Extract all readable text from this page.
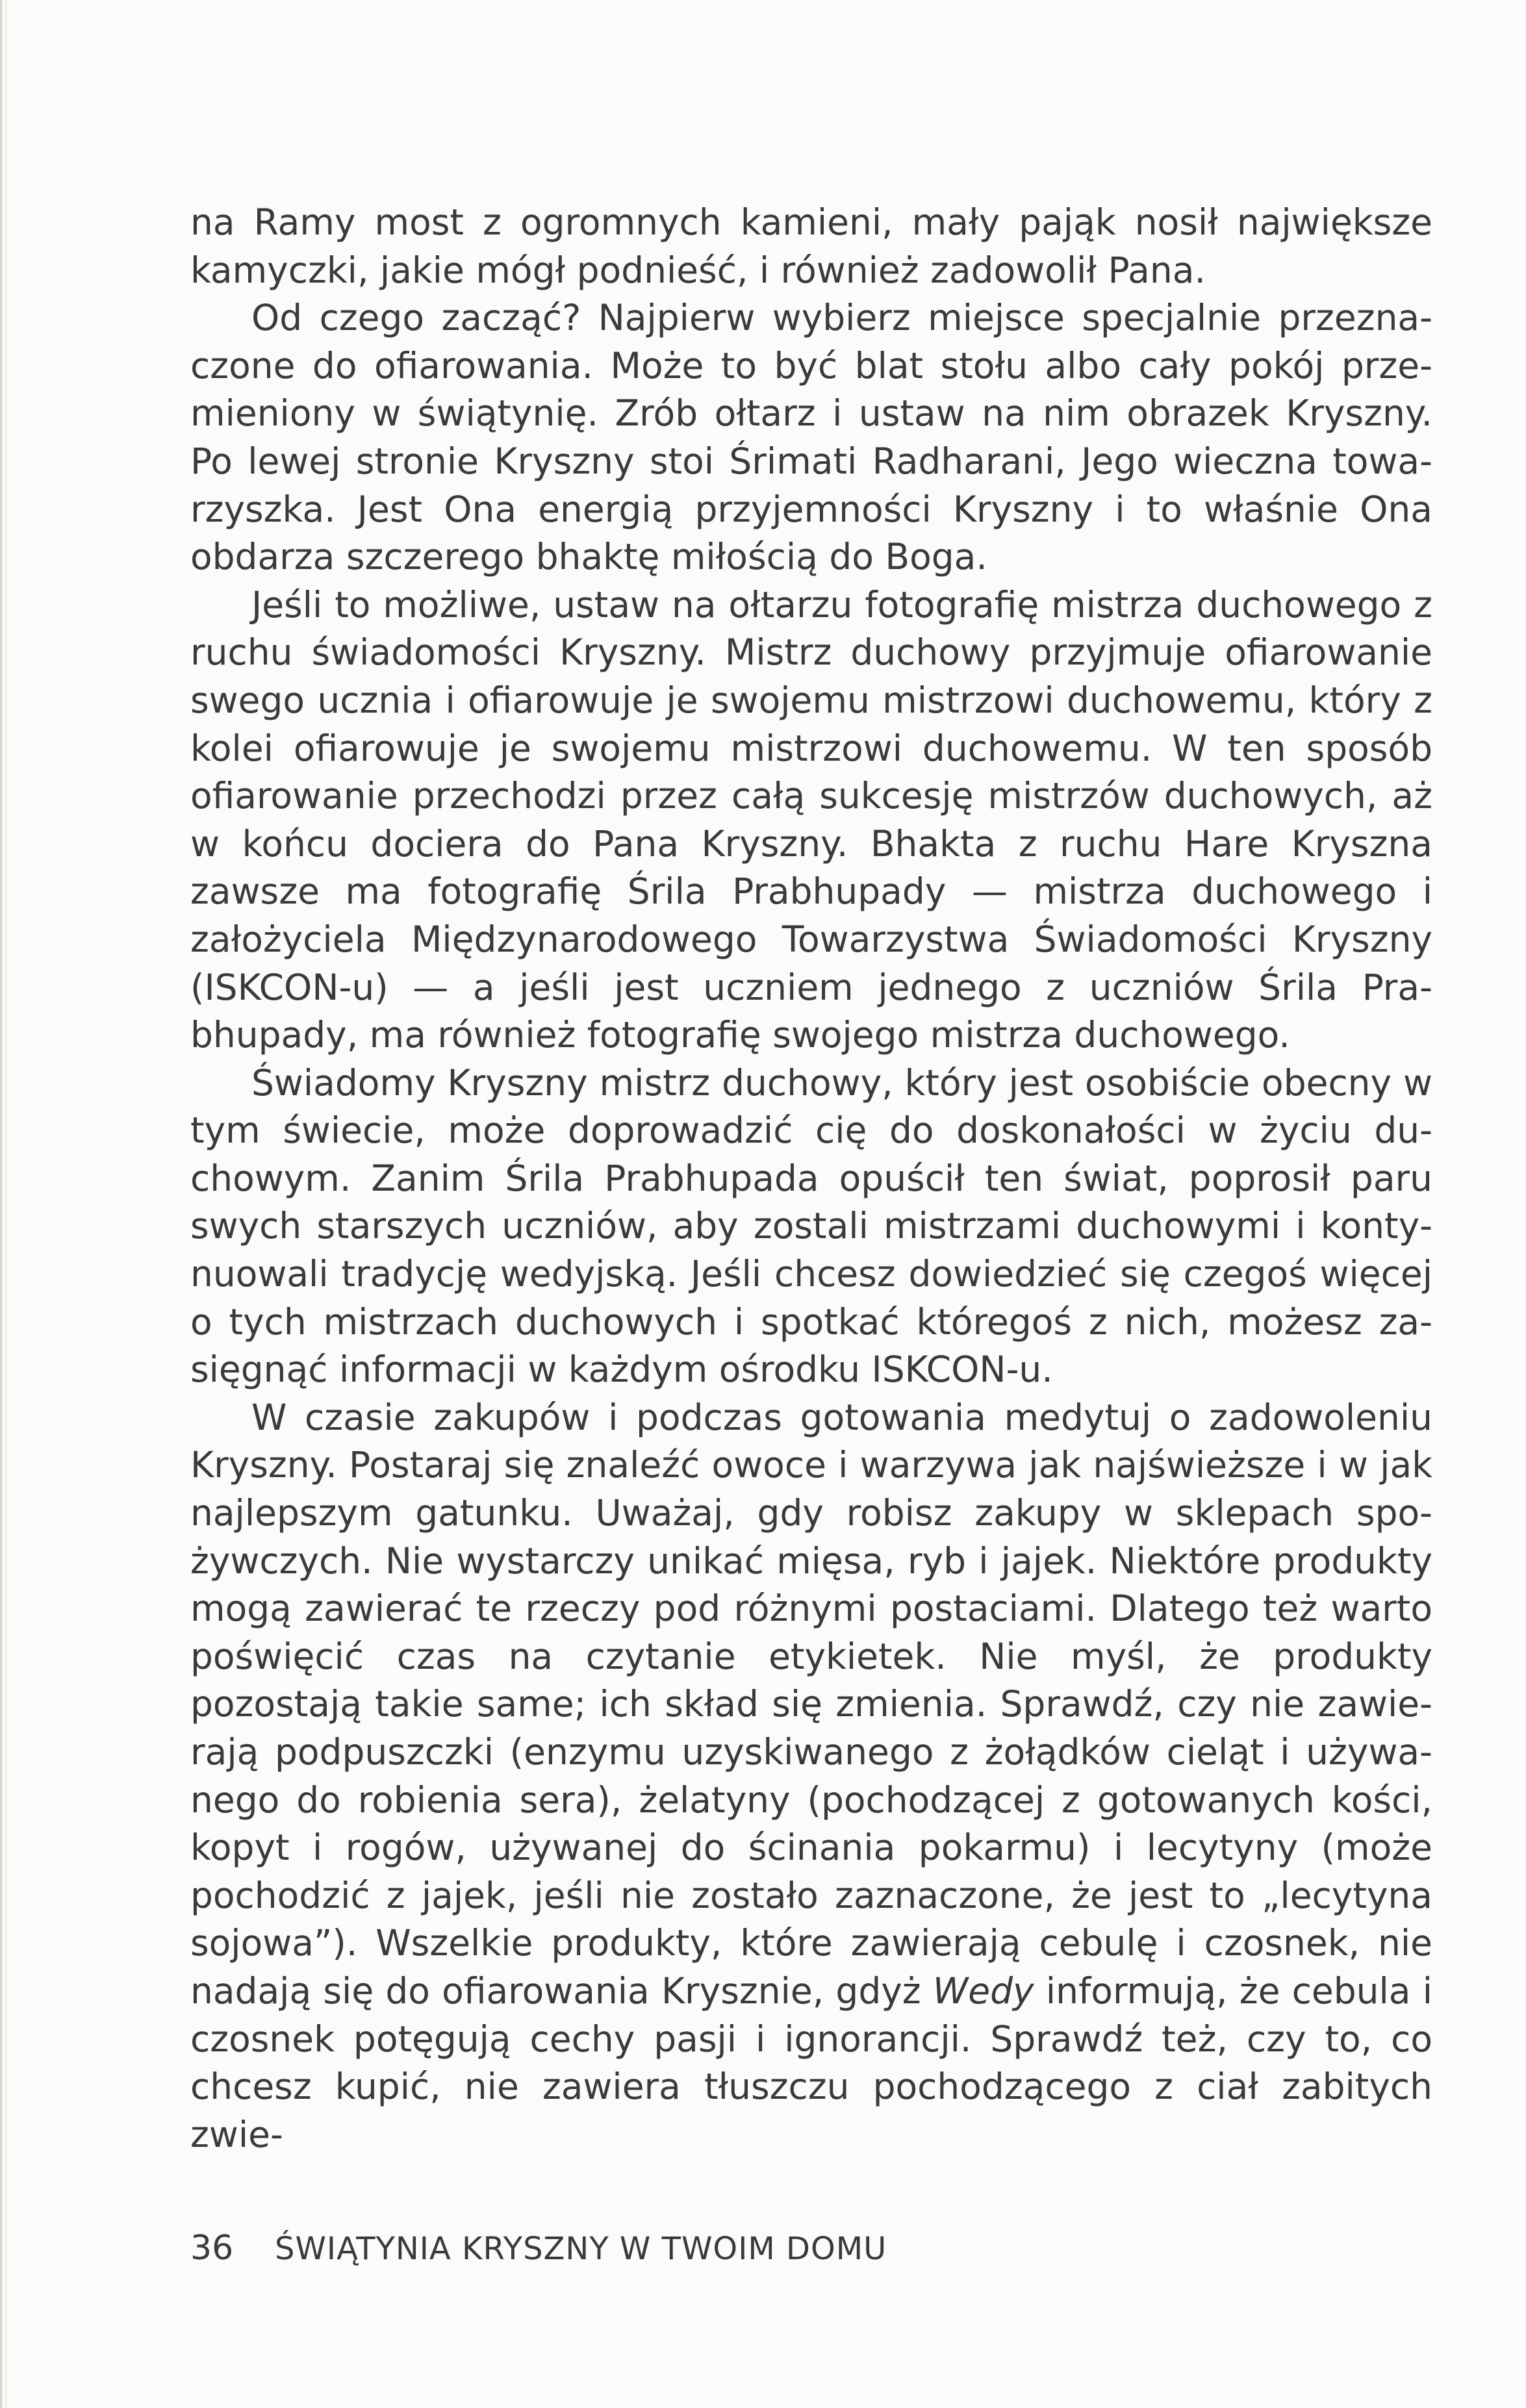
na Ramy most z ogromnych kamieni, mały pająk nosił największe kamyczki, jakie mógł podnieść, i również zadowolił Pana.

Od czego zacząć? Najpierw wybierz miejsce specjalnie przeznaczone do ofiarowania. Może to być blat stołu albo cały pokój przemieniony w świątynię. Zrób ołtarz i ustaw na nim obrazek Kryszny. Po lewej stronie Kryszny stoi Śrimati Radharani, Jego wieczna towarzyszka. Jest Ona energią przyjemności Kryszny i to właśnie Ona obdarza szczerego bhaktę miłością do Boga.

Jeśli to możliwe, ustaw na ołtarzu fotografię mistrza duchowego z ruchu świadomości Kryszny. Mistrz duchowy przyjmuje ofiarowanie swego ucznia i ofiarowuje je swojemu mistrzowi duchowemu, który z kolei ofiarowuje je swojemu mistrzowi duchowemu. W ten sposób ofiarowanie przechodzi przez całą sukcesję mistrzów duchowych, aż w końcu dociera do Pana Kryszny. Bhakta z ruchu Hare Kryszna zawsze ma fotografię Śrila Prabhupady — mistrza duchowego i założyciela Międzynarodowego Towarzystwa Świadomości Kryszny (ISKCON-u) — a jeśli jest uczniem jednego z uczniów Śrila Prabhupady, ma również fotografię swojego mistrza duchowego.

Świadomy Kryszny mistrz duchowy, który jest osobiście obecny w tym świecie, może doprowadzić cię do doskonałości w życiu duchowym. Zanim Śrila Prabhupada opuścił ten świat, poprosił paru swych starszych uczniów, aby zostali mistrzami duchowymi i kontynuowali tradycję wedyjską. Jeśli chcesz dowiedzieć się czegoś więcej o tych mistrzach duchowych i spotkać któregoś z nich, możesz zasięgnąć informacji w każdym ośrodku ISKCON-u.

W czasie zakupów i podczas gotowania medytuj o zadowoleniu Kryszny. Postaraj się znaleźć owoce i warzywa jak najświeższe i w jak najlepszym gatunku. Uważaj, gdy robisz zakupy w sklepach spożywczych. Nie wystarczy unikać mięsa, ryb i jajek. Niektóre produkty mogą zawierać te rzeczy pod różnymi postaciami. Dlatego też warto poświęcić czas na czytanie etykietek. Nie myśl, że produkty pozostają takie same; ich skład się zmienia. Sprawdź, czy nie zawierają podpuszczki (enzymu uzyskiwanego z żołądków cieląt i używanego do robienia sera), żelatyny (pochodzącej z gotowanych kości, kopyt i rogów, używanej do ścinania pokarmu) i lecytyny (może pochodzić z jajek, jeśli nie zostało zaznaczone, że jest to „lecytyna sojowa”). Wszelkie produkty, które zawierają cebulę i czosnek, nie nadają się do ofiarowania Krysznie, gdyż Wedy informują, że cebula i czosnek potęgują cechy pasji i ignorancji. Sprawdź też, czy to, co chcesz kupić, nie zawiera tłuszczu pochodzącego z ciał zabitych zwie-

36 ŚWIĄTYNIA KRYSZNY W TWOIM DOMU
